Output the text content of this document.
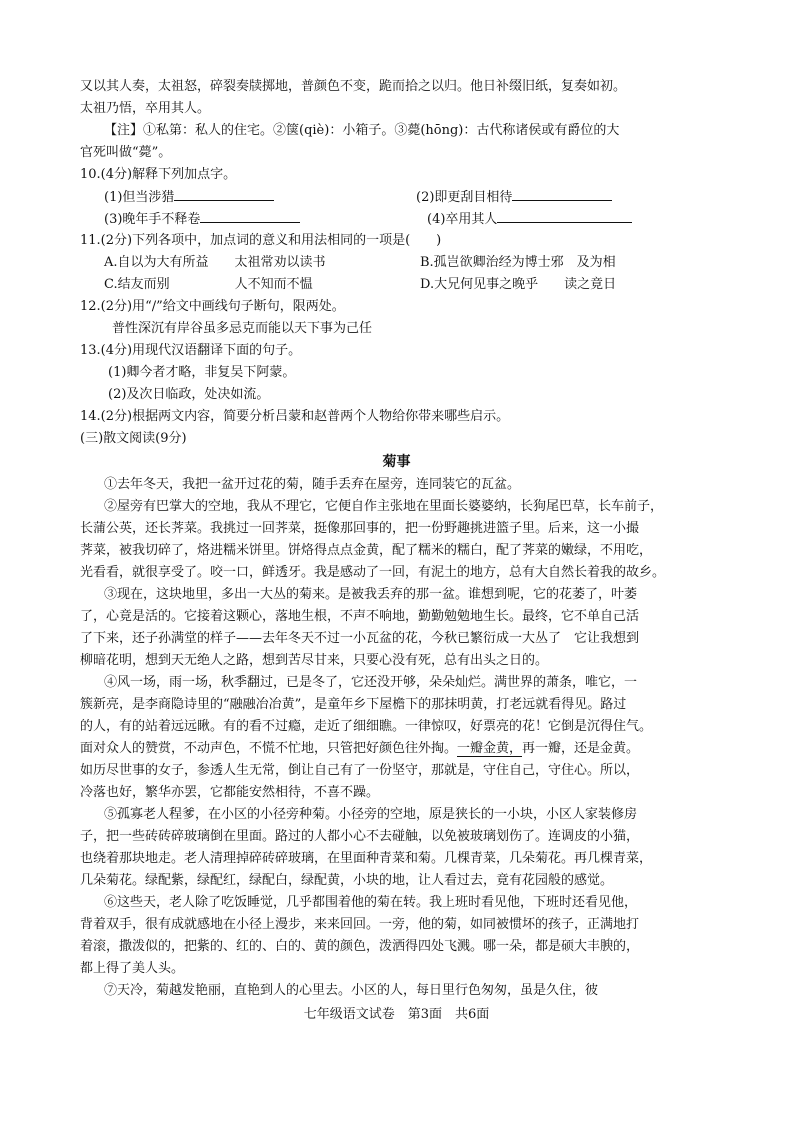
又以其人奏，太祖怒，碎裂奏牍掷地，普颜色不变，跪而拾之以归。他日补缀旧纸，复奏如初。
太祖乃悟，卒用其人。
【注】①私第：私人的住宅。②箧(qiè)：小箱子。③薨(hōng)：古代称诸侯或有爵位的大
官死叫做“薨”。
10.(4分)解释下列加点字。
(1)但当涉猎	(2)即更刮目相待
(3)晚年手不释卷	(4)卒用其人
11.(2分)下列各项中，加点词的意义和用法相同的一项是(　　)
A.自以为大有所益　　太祖常劝以读书	B.孤岂欲卿治经为博士邪　及为相
C.结友而别　　　　　人不知而不愠	D.大兄何见事之晚乎　　读之竟日
12.(2分)用“/”给文中画线句子断句，限两处。
普性深沉有岸谷虽多忌克而能以天下事为己任
13.(4分)用现代汉语翻译下面的句子。
(1)卿今者才略，非复吴下阿蒙。
(2)及次日临政，处决如流。
14.(2分)根据两文内容，简要分析吕蒙和赵普两个人物给你带来哪些启示。
(三)散文阅读(9分)
菊事
①去年冬天，我把一盆开过花的菊，随手丢弃在屋旁，连同装它的瓦盆。
②屋旁有巴掌大的空地，我从不理它，它便自作主张地在里面长婆婆纳，长狗尾巴草，长车前子，
长蒲公英，还长荠菜。我挑过一回荠菜，挺像那回事的，把一份野趣挑进篮子里。后来，这一小撮
荠菜，被我切碎了，烙进糯米饼里。饼烙得点点金黄，配了糯米的糯白，配了荠菜的嫩绿，不用吃，
光看看，就很享受了。咬一口，鲜透牙。我是感动了一回，有泥土的地方，总有大自然长着我的故乡。
③现在，这块地里，多出一大丛的菊来。是被我丢弃的那一盆。谁想到呢，它的花萎了，叶萎
了，心竟是活的。它接着这颗心，落地生根，不声不响地，勤勤勉勉地生长。最终，它不单自己活
了下来，还子孙满堂的样子——去年冬天不过一小瓦盆的花，今秋已繁衍成一大丛了　它让我想到
柳暗花明，想到天无绝人之路，想到苦尽甘来，只要心没有死，总有出头之日的。
④风一场，雨一场，秋季翻过，已是冬了，它还没开够，朵朵灿烂。满世界的萧条，唯它，一
簇新亮，是李商隐诗里的“融融冶冶黄”，是童年乡下屋檐下的那抹明黄，打老远就看得见。路过
的人，有的站着远远瞅。有的看不过瘾，走近了细细瞧。一律惊叹，好票亮的花！它倒是沉得住气。
面对众人的赞赏，不动声色，不慌不忙地，只管把好颜色往外掏。一瓣金黄，再一瓣，还是金黄。
如历尽世事的女子，参透人生无常，倒让自己有了一份坚守，那就是，守住自己，守住心。所以，
冷落也好，繁华亦罢，它都能安然相待，不喜不躁。
⑤孤寡老人程爹，在小区的小径旁种菊。小径旁的空地，原是狭长的一小块，小区人家装修房
子，把一些砖砖碎玻璃倒在里面。路过的人都小心不去碰触，以免被玻璃划伤了。连调皮的小猫，
也绕着那块地走。老人清理掉碎砖碎玻璃，在里面种青菜和菊。几棵青菜，几朵菊花。再几棵青菜，
几朵菊花。绿配紫，绿配红，绿配白，绿配黄，小块的地，让人看过去，竟有花园般的感觉。
⑥这些天，老人除了吃饭睡觉，几乎都围着他的菊在转。我上班时看见他，下班时还看见他，
背着双手，很有成就感地在小径上漫步，来来回回。一旁，他的菊，如同被惯坏的孩子，正满地打
着滚，撒泼似的，把紫的、红的、白的、黄的颜色，泼洒得四处飞溅。哪一朵，都是硕大丰腴的，
都上得了美人头。
⑦天冷，菊越发艳丽，直艳到人的心里去。小区的人，每日里行色匆匆，虽是久住，彼
七年级语文试卷　第3面　共6面
